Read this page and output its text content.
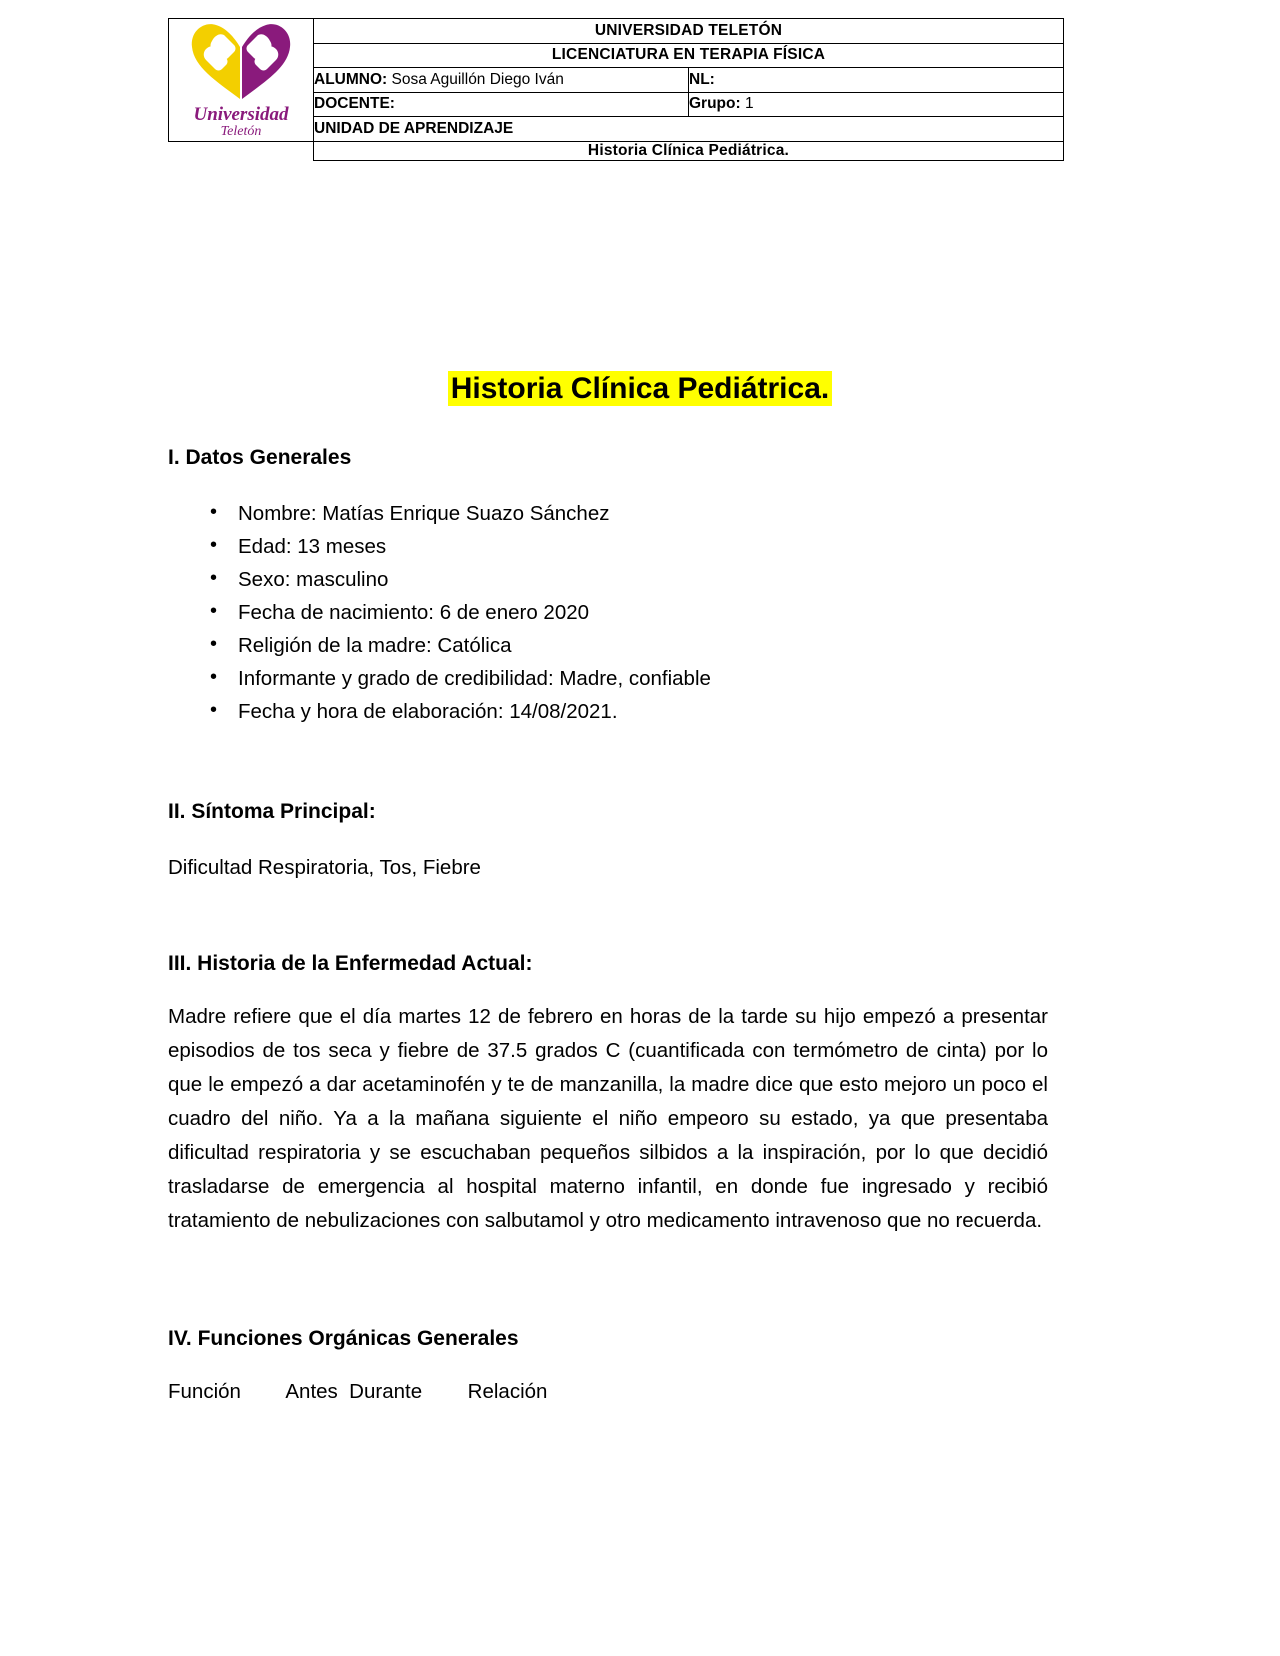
Universidad
Teletón	UNIVERSIDAD TELETÓN	
	LICENCIATURA EN TERAPIA FÍSICA	
	ALUMNO: Sosa Aguillón Diego Iván	NL:
	DOCENTE:	Grupo: 1
	UNIDAD DE APRENDIZAJE	
	Historia Clínica Pediátrica.	
Historia Clínica Pediátrica.
I. Datos Generales
• Nombre: Matías Enrique Suazo Sánchez
• Edad: 13 meses
• Sexo: masculino
• Fecha de nacimiento: 6 de enero 2020
• Religión de la madre: Católica
• Informante y grado de credibilidad: Madre, confiable
• Fecha y hora de elaboración: 14/08/2021.
II. Síntoma Principal:
Dificultad Respiratoria, Tos, Fiebre
III. Historia de la Enfermedad Actual:
Madre refiere que el día martes 12 de febrero en horas de la tarde su hijo empezó a presentar episodios de tos seca y fiebre de 37.5 grados C (cuantificada con termómetro de cinta) por lo que le empezó a dar acetaminofén y te de manzanilla, la madre dice que esto mejoro un poco el cuadro del niño. Ya a la mañana siguiente el niño empeoro su estado, ya que presentaba dificultad respiratoria y se escuchaban pequeños silbidos a la inspiración, por lo que decidió trasladarse de emergencia al hospital materno infantil, en donde fue ingresado y recibió tratamiento de nebulizaciones con salbutamol y otro medicamento intravenoso que no recuerda.
IV. Funciones Orgánicas Generales
Función        Antes  Durante        Relación
